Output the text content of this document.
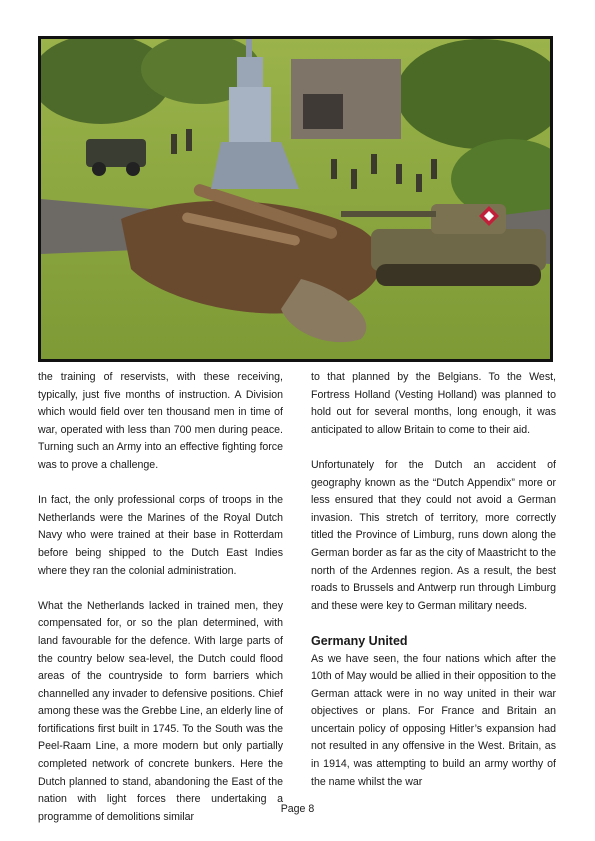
the training of reservists, with these receiving, typically, just five months of instruction. A Division which would field over ten thousand men in time of war, operated with less than 700 men during peace. Turning such an Army into an effective fighting force was to prove a challenge.

In fact, the only professional corps of troops in the Netherlands were the Marines of the Royal Dutch Navy who were trained at their base in Rotterdam before being shipped to the Dutch East Indies where they ran the colonial administration.

What the Netherlands lacked in trained men, they compensated for, or so the plan determined, with land favourable for the defence. With large parts of the country below sea-level, the Dutch could flood areas of the countryside to form barriers which channelled any invader to defensive positions. Chief among these was the Grebbe Line, an elderly line of fortifications first built in 1745. To the South was the Peel-Raam Line, a more modern but only partially completed network of concrete bunkers. Here the Dutch planned to stand, abandoning the East of the nation with light forces there undertaking a programme of demolitions similar

to that planned by the Belgians. To the West, Fortress Holland (Vesting Holland) was planned to hold out for several months, long enough, it was anticipated to allow Britain to come to their aid.

Unfortunately for the Dutch an accident of geography known as the “Dutch Appendix” more or less ensured that they could not avoid a German invasion. This stretch of territory, more correctly titled the Province of Limburg, runs down along the German border as far as the city of Maastricht to the north of the Ardennes region. As a result, the best roads to Brussels and Antwerp run through Limburg and these were key to German military needs.

Germany United

As we have seen, the four nations which after the 10th of May would be allied in their opposition to the German attack were in no way united in their war objectives or plans. For France and Britain an uncertain policy of opposing Hitler’s expansion had not resulted in any offensive in the West. Britain, as in 1914, was attempting to build an army worthy of the name whilst the war

Page 8
